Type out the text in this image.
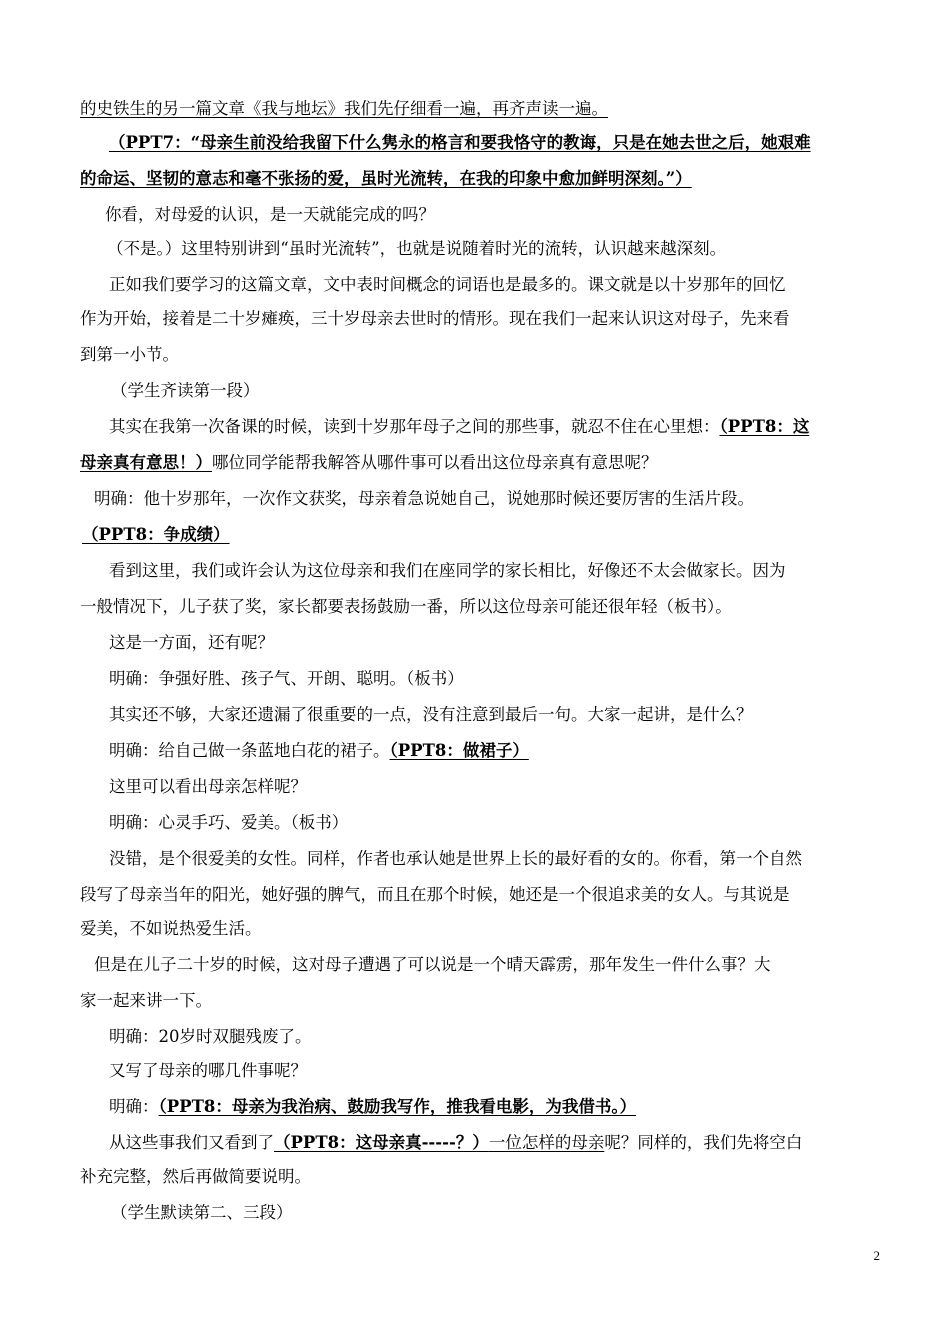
的史铁生的另一篇文章《我与地坛》我们先仔细看一遍，再齐声读一遍。
（PPT7：“母亲生前没给我留下什么隽永的格言和要我恪守的教诲，只是在她去世之后，她艰难
的命运、坚韧的意志和毫不张扬的爱，虽时光流转，在我的印象中愈加鲜明深刻。”）
你看，对母爱的认识，是一天就能完成的吗？
（不是。）这里特别讲到“虽时光流转”，也就是说随着时光的流转，认识越来越深刻。
正如我们要学习的这篇文章，文中表时间概念的词语也是最多的。课文就是以十岁那年的回忆
作为开始，接着是二十岁瘫痪，三十岁母亲去世时的情形。现在我们一起来认识这对母子，先来看
到第一小节。
（学生齐读第一段）
其实在我第一次备课的时候，读到十岁那年母子之间的那些事，就忍不住在心里想：（PPT8：这
母亲真有意思！）哪位同学能帮我解答从哪件事可以看出这位母亲真有意思呢？
明确：他十岁那年，一次作文获奖，母亲着急说她自己，说她那时候还要厉害的生活片段。
（PPT8：争成绩）
看到这里，我们或许会认为这位母亲和我们在座同学的家长相比，好像还不太会做家长。因为
一般情况下，儿子获了奖，家长都要表扬鼓励一番，所以这位母亲可能还很年轻（板书）。
这是一方面，还有呢？
明确：争强好胜、孩子气、开朗、聪明。（板书）
其实还不够，大家还遗漏了很重要的一点，没有注意到最后一句。大家一起讲，是什么？
明确：给自己做一条蓝地白花的裙子。（PPT8：做裙子）
这里可以看出母亲怎样呢？
明确：心灵手巧、爱美。（板书）
没错，是个很爱美的女性。同样，作者也承认她是世界上长的最好看的女的。你看，第一个自然
段写了母亲当年的阳光，她好强的脾气，而且在那个时候，她还是一个很追求美的女人。与其说是
爱美，不如说热爱生活。
但是在儿子二十岁的时候，这对母子遭遇了可以说是一个晴天霹雳，那年发生一件什么事？大
家一起来讲一下。
明确：20岁时双腿残废了。
又写了母亲的哪几件事呢？
明确：（PPT8：母亲为我治病、鼓励我写作，推我看电影，为我借书。）
从这些事我们又看到了（PPT8：这母亲真-----？）一位怎样的母亲呢？同样的，我们先将空白
补充完整，然后再做简要说明。
（学生默读第二、三段）
2
